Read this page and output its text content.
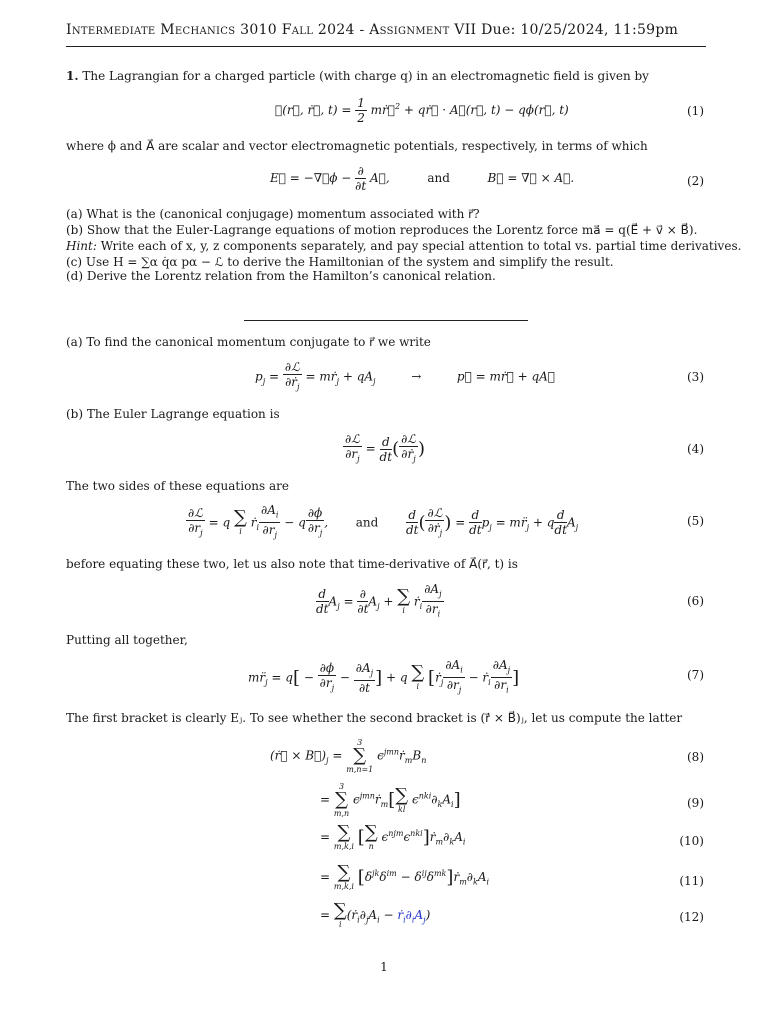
Intermediate Mechanics 3010 Fall 2024 - Assignment VII Due: 10/25/2024, 11:59pm
1. The Lagrangian for a charged particle (with charge q) in an electromagnetic field is given by
ℒ(r⃗, ṙ⃗, $t) = \frac{1}{2}$ mṙ⃗$^2$ + qṙ⃗ · A⃗(r⃗, t) − qϕ(r⃗, t)	(1)
where ϕ and A⃗ are scalar and vector electromagnetic potentials, respectively, in terms of which
E⃗ = −∇⃗ϕ − $\frac{\partial}{\partial t}$ A⃗,	and	B⃗ = ∇⃗ × A⃗.	(2)
(a) What is the (canonical conjugage) momentum associated with r⃗?
(b) Show that the Euler-Lagrange equations of motion reproduces the Lorentz force ma⃗ = q(E⃗ + v⃗ × B⃗).
Hint: Write each of x, y, z components separately, and pay special attention to total vs. partial time derivatives.
(c) Use H = ∑α q̇α pα − ℒ to derive the Hamiltonian of the system and simplify the result.
(d) Derive the Lorentz relation from the Hamilton’s canonical relation.
(a) To find the canonical momentum conjugate to r⃗ we write
$p_j = \frac{\text{∂ℒ}}{\partial ṙ_j}$ = mṙ$_j$ + $qA_j$	→	p⃗ = mṙ⃗ + qA⃗	(3)
(b) The Euler Lagrange equation is
$\frac{\text{∂ℒ}}{\partial r_j} = \frac{d}{dt}$ ( $\frac{\text{∂ℒ}}{\partial ṙ_j}$ )	(4)
The two sides of these equations are
$\frac{\text{∂ℒ}}{\partial r_j} = q$ ∑
i
ṙ$_i$ $\frac{\partial A_i}{\partial r_j} - q \frac{\partial\phi}{\partial r_j}$ ,  and $\frac{d}{dt}$ ( $\frac{\text{∂ℒ}}{\partial ṙ_j}$ ) = $\frac{d}{dt} p_j$ = $mr̈_j + q \frac{d}{dt} A_j$	(5)
before equating these two, let us also note that time-derivative of A⃗(r⃗, t) is
$\frac{d}{dt} A_j = \frac{\partial}{\partial t} A_j$ + ∑
i
ṙ$_i$ $\frac{\partial A_j}{\partial r_i}$	(6)
Putting all together,
$mr̈_j = q[ - \frac{\partial\phi}{\partial r_j} - \frac{\partial A_j}{\partial t}$ ] + q ∑
i [ṙ$_j$ $\frac{\partial A_i}{\partial r_j}$ − ṙ$_i$ $\frac{\partial A_j}{\partial r_i}$ ]	(7)
The first bracket is clearly Eⱼ. To see whether the second bracket is (ṙ⃗ × B⃗)ⱼ, let us compute the latter
(ṙ⃗ × $B⃗)_j$ =
3
∑
m,n=1
$\epsilon^{jmn}ṙ_mB_n$	(8)
=
3
∑
m,n
$\epsilon^{jmn}ṙ_m$[ ∑
kl
$\epsilon^{nki}\partial_kA_i$]	(9)
= ∑
m,k,i [ ∑
n
$\epsilon^{njm}\epsilon^{nki}]ṙ_m\partial_kA_i$	(10)
= ∑
m,k,i [$\delta^{jk}\delta^{im}$ − $\delta^{ij}\delta^{mk}]ṙ_m\partial_kA_i$	(11)
= ∑
i
($ṙ_i\partial_jA_i$ − $ṙ_i\partial_iA_j$)	(12)
1
